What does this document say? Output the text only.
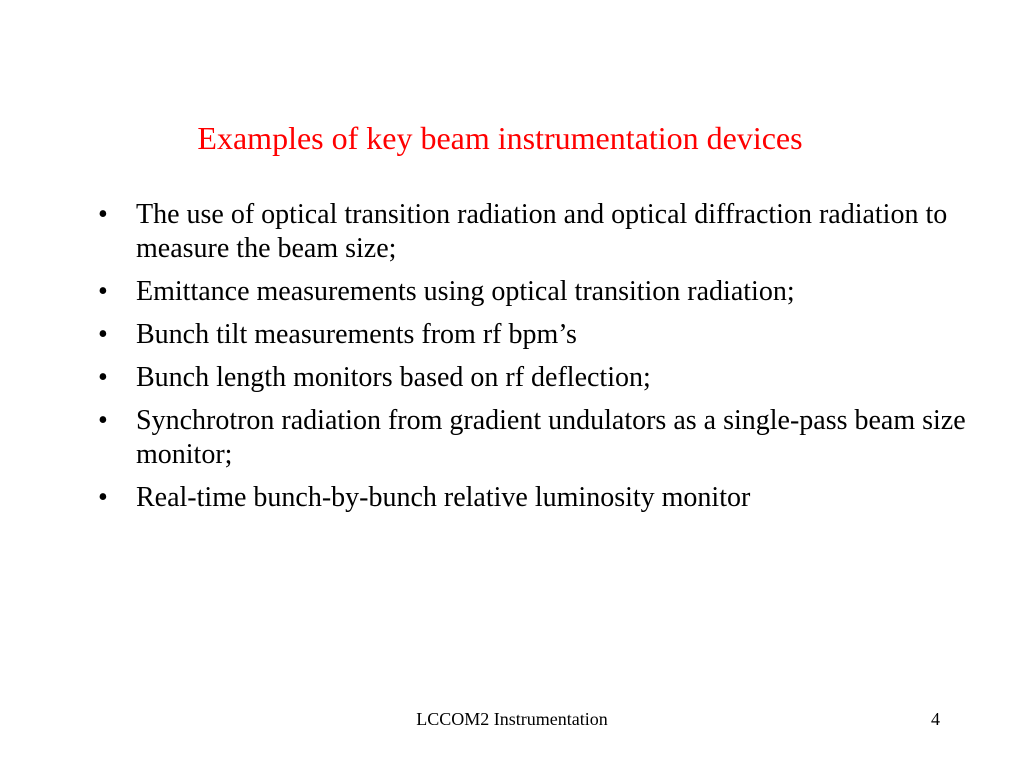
Examples of key beam instrumentation devices
•	The use of optical transition radiation and optical diffraction radiation to measure the beam size;
•	Emittance measurements using optical transition radiation;
•	Bunch tilt measurements from rf bpm’s
•	Bunch length monitors based on rf deflection;
•	Synchrotron radiation from gradient undulators as a single-pass beam size monitor;
•	Real-time bunch-by-bunch relative luminosity monitor
LCCOM2 Instrumentation	4
